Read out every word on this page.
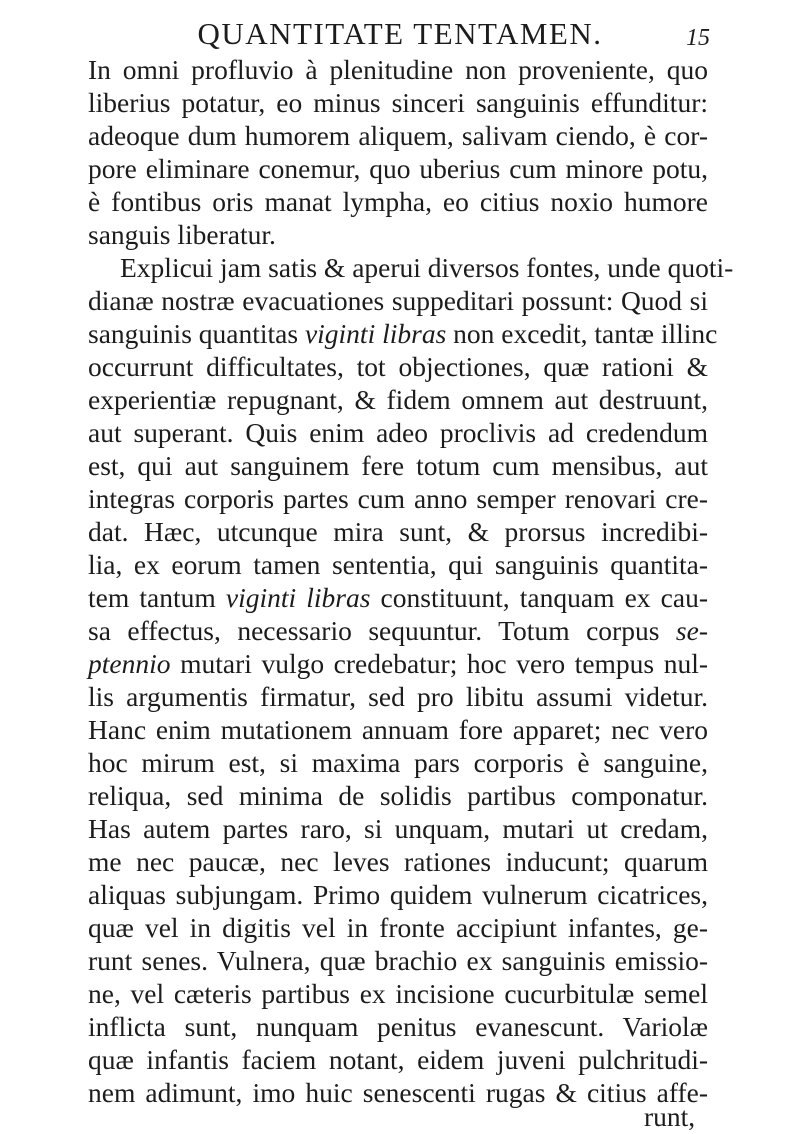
QUANTITATE TENTAMEN.	15
In omni profluvio à plenitudine non proveniente, quo
liberius potatur, eo minus sinceri sanguinis effunditur:
adeoque dum humorem aliquem, salivam ciendo, è cor-
pore eliminare conemur, quo uberius cum minore potu,
è fontibus oris manat lympha, eo citius noxio humore
sanguis liberatur.
Explicui jam satis & aperui diversos fontes, unde quoti-
dianæ nostræ evacuationes suppeditari possunt: Quod si
sanguinis quantitas viginti libras non excedit, tantæ illinc
occurrunt difficultates, tot objectiones, quæ rationi &
experientiæ repugnant, & fidem omnem aut destruunt,
aut superant. Quis enim adeo proclivis ad credendum
est, qui aut sanguinem fere totum cum mensibus, aut
integras corporis partes cum anno semper renovari cre-
dat. Hæc, utcunque mira sunt, & prorsus incredibi-
lia, ex eorum tamen sententia, qui sanguinis quantita-
tem tantum viginti libras constituunt, tanquam ex cau-
sa effectus, necessario sequuntur. Totum corpus se-
ptennio mutari vulgo credebatur; hoc vero tempus nul-
lis argumentis firmatur, sed pro libitu assumi videtur.
Hanc enim mutationem annuam fore apparet; nec vero
hoc mirum est, si maxima pars corporis è sanguine,
reliqua, sed minima de solidis partibus componatur.
Has autem partes raro, si unquam, mutari ut credam,
me nec paucæ, nec leves rationes inducunt; quarum
aliquas subjungam. Primo quidem vulnerum cicatrices,
quæ vel in digitis vel in fronte accipiunt infantes, ge-
runt senes. Vulnera, quæ brachio ex sanguinis emissio-
ne, vel cæteris partibus ex incisione cucurbitulæ semel
inflicta sunt, nunquam penitus evanescunt. Variolæ
quæ infantis faciem notant, eidem juveni pulchritudi-
nem adimunt, imo huic senescenti rugas & citius affe-
runt,
